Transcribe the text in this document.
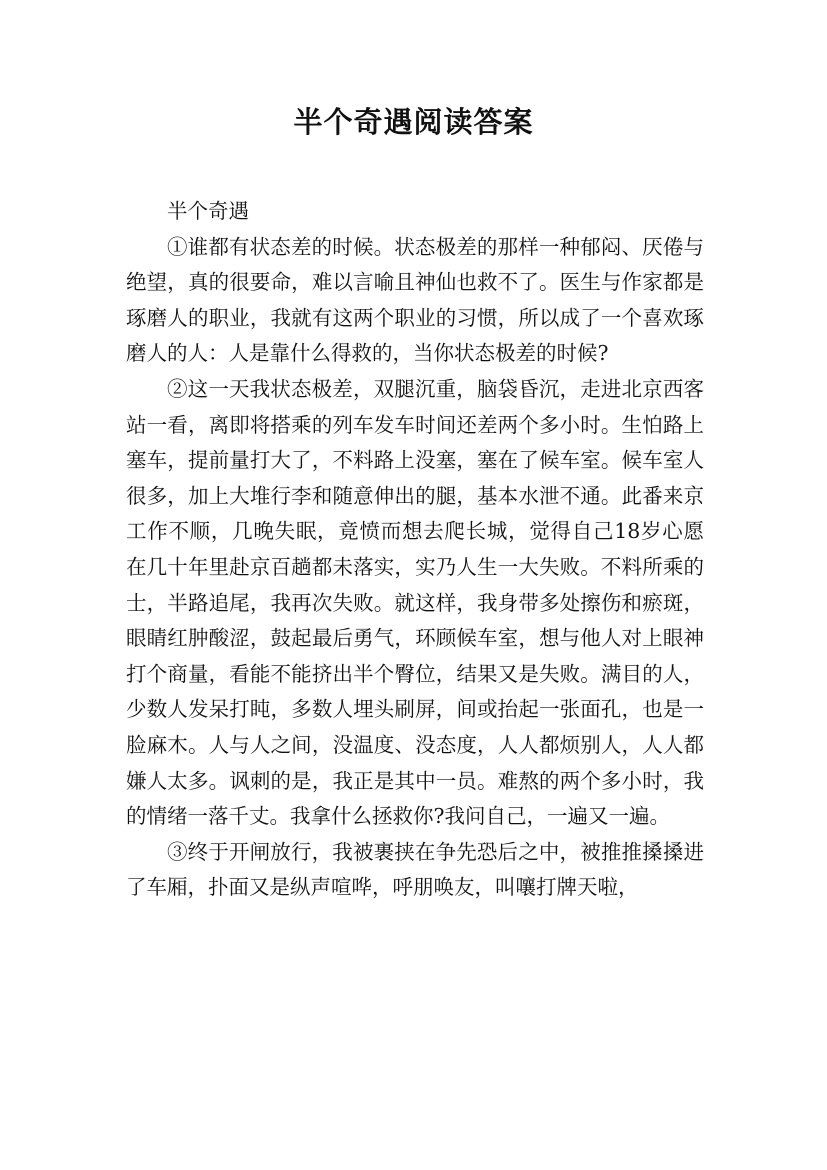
半个奇遇阅读答案

半个奇遇

①谁都有状态差的时候。状态极差的那样一种郁闷、厌倦与绝望，真的很要命，难以言喻且神仙也救不了。医生与作家都是琢磨人的职业，我就有这两个职业的习惯，所以成了一个喜欢琢磨人的人：人是靠什么得救的，当你状态极差的时候?

②这一天我状态极差，双腿沉重，脑袋昏沉，走进北京西客站一看，离即将搭乘的列车发车时间还差两个多小时。生怕路上塞车，提前量打大了，不料路上没塞，塞在了候车室。候车室人很多，加上大堆行李和随意伸出的腿，基本水泄不通。此番来京工作不顺，几晚失眠，竟愤而想去爬长城，觉得自己18岁心愿在几十年里赴京百趟都未落实，实乃人生一大失败。不料所乘的士，半路追尾，我再次失败。就这样，我身带多处擦伤和瘀斑，眼睛红肿酸涩，鼓起最后勇气，环顾候车室，想与他人对上眼神打个商量，看能不能挤出半个臀位，结果又是失败。满目的人，少数人发呆打盹，多数人埋头刷屏，间或抬起一张面孔，也是一脸麻木。人与人之间，没温度、没态度，人人都烦别人，人人都嫌人太多。讽刺的是，我正是其中一员。难熬的两个多小时，我的情绪一落千丈。我拿什么拯救你?我问自己，一遍又一遍。

③终于开闸放行，我被裹挟在争先恐后之中，被推推搡搡进了车厢，扑面又是纵声喧哗，呼朋唤友，叫嚷打牌天啦，
